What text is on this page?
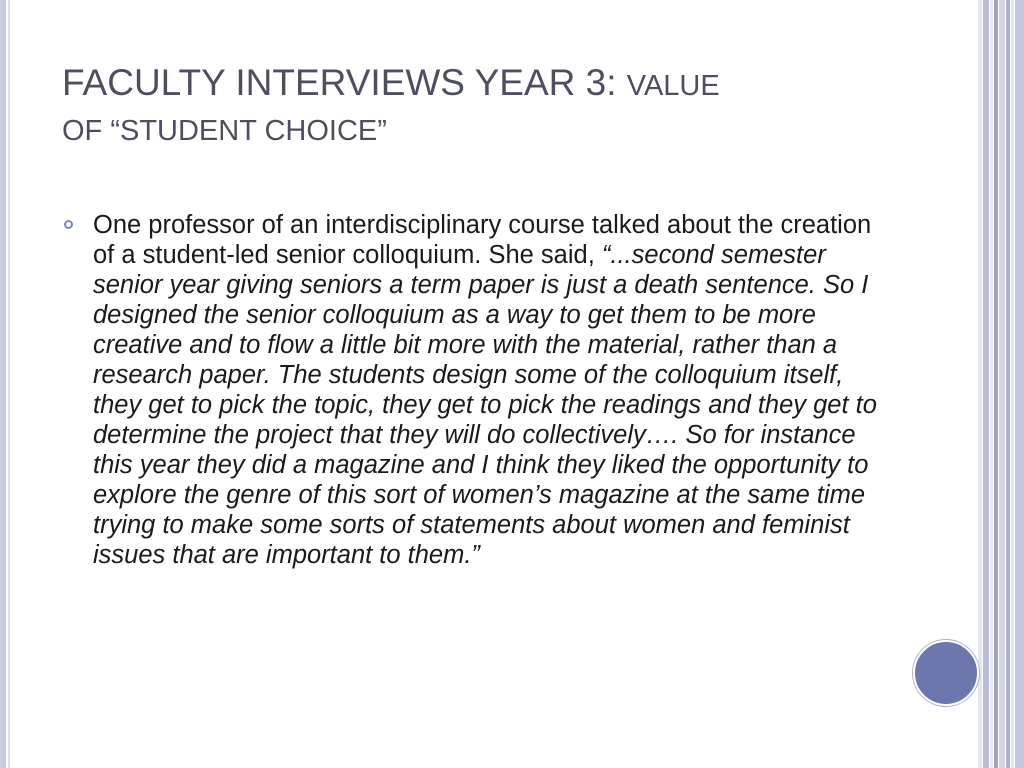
FACULTY INTERVIEWS YEAR 3: VALUE
OF “STUDENT CHOICE”
One professor of an interdisciplinary course talked about the creation of a student-led senior colloquium. She said, “...second semester senior year giving seniors a term paper is just a death sentence. So I designed the senior colloquium as a way to get them to be more creative and to flow a little bit more with the material, rather than a research paper. The students design some of the colloquium itself, they get to pick the topic, they get to pick the readings and they get to determine the project that they will do collectively…. So for instance this year they did a magazine and I think they liked the opportunity to explore the genre of this sort of women’s magazine at the same time trying to make some sorts of statements about women and feminist issues that are important to them.”
